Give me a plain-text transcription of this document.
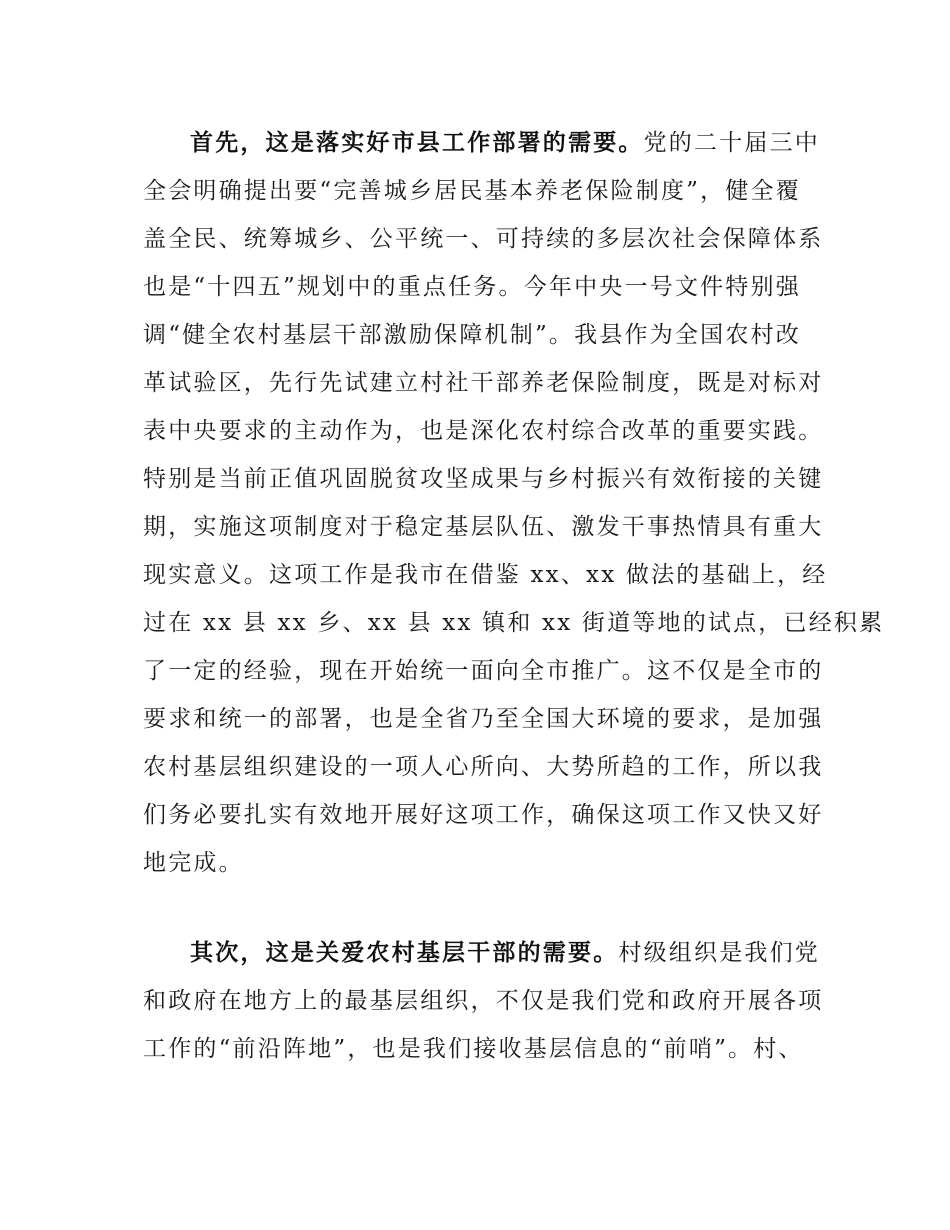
首先，这是落实好市县工作部署的需要。党的二十届三中
全会明确提出要“完善城乡居民基本养老保险制度”，健全覆
盖全民、统筹城乡、公平统一、可持续的多层次社会保障体系
也是“十四五”规划中的重点任务。今年中央一号文件特别强
调“健全农村基层干部激励保障机制”。我县作为全国农村改
革试验区，先行先试建立村社干部养老保险制度，既是对标对
表中央要求的主动作为，也是深化农村综合改革的重要实践。
特别是当前正值巩固脱贫攻坚成果与乡村振兴有效衔接的关键
期，实施这项制度对于稳定基层队伍、激发干事热情具有重大
现实意义。这项工作是我市在借鉴 xx、xx 做法的基础上，经
过在 xx 县 xx 乡、xx 县 xx 镇和 xx 街道等地的试点，已经积累
了一定的经验，现在开始统一面向全市推广。这不仅是全市的
要求和统一的部署，也是全省乃至全国大环境的要求，是加强
农村基层组织建设的一项人心所向、大势所趋的工作，所以我
们务必要扎实有效地开展好这项工作，确保这项工作又快又好
地完成。
其次，这是关爱农村基层干部的需要。村级组织是我们党
和政府在地方上的最基层组织，不仅是我们党和政府开展各项
工作的“前沿阵地”，也是我们接收基层信息的“前哨”。村、
